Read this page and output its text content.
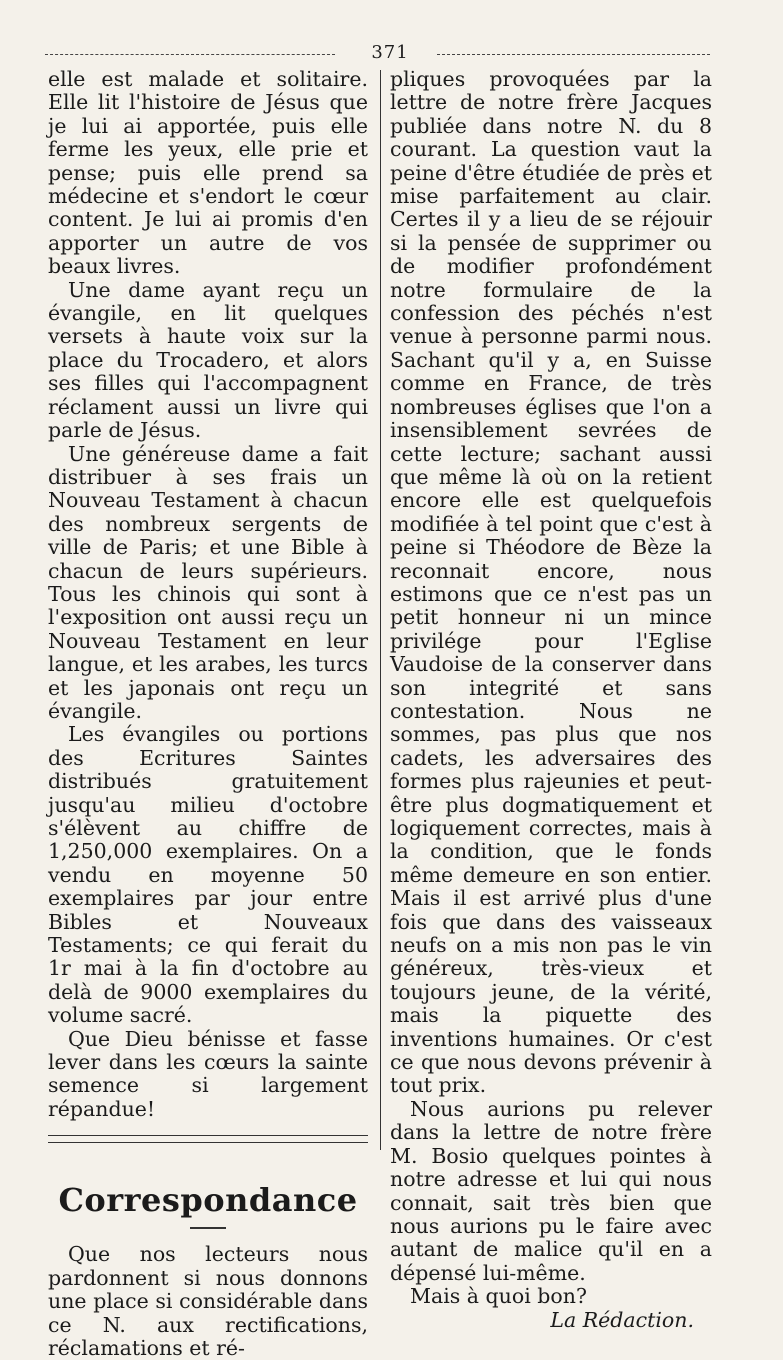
371

elle est malade et solitaire. Elle lit l'histoire de Jésus que je lui ai apportée, puis elle ferme les yeux, elle prie et pense; puis elle prend sa médecine et s'endort le cœur content. Je lui ai promis d'en apporter un autre de vos beaux livres.

Une dame ayant reçu un évangile, en lit quelques versets à haute voix sur la place du Trocadero, et alors ses filles qui l'accompagnent réclament aussi un livre qui parle de Jésus.

Une généreuse dame a fait distribuer à ses frais un Nouveau Testament à chacun des nombreux sergents de ville de Paris; et une Bible à chacun de leurs supérieurs. Tous les chinois qui sont à l'exposition ont aussi reçu un Nouveau Testament en leur langue, et les arabes, les turcs et les japonais ont reçu un évangile.

Les évangiles ou portions des Ecritures Saintes distribués gratuitement jusqu'au milieu d'octobre s'élèvent au chiffre de 1,250,000 exemplaires. On a vendu en moyenne 50 exemplaires par jour entre Bibles et Nouveaux Testaments; ce qui ferait du 1r mai à la fin d'octobre au delà de 9000 exemplaires du volume sacré.

Que Dieu bénisse et fasse lever dans les cœurs la sainte semence si largement répandue!

Correspondance

Que nos lecteurs nous pardonnent si nous donnons une place si considérable dans ce N. aux rectifications, réclamations et ré-

pliques provoquées par la lettre de notre frère Jacques publiée dans notre N. du 8 courant. La question vaut la peine d'être étudiée de près et mise parfaitement au clair. Certes il y a lieu de se réjouir si la pensée de supprimer ou de modifier profondément notre formulaire de la confession des péchés n'est venue à personne parmi nous. Sachant qu'il y a, en Suisse comme en France, de très nombreuses églises que l'on a insensiblement sevrées de cette lecture; sachant aussi que même là où on la retient encore elle est quelquefois modifiée à tel point que c'est à peine si Théodore de Bèze la reconnait encore, nous estimons que ce n'est pas un petit honneur ni un mince privilége pour l'Eglise Vaudoise de la conserver dans son integrité et sans contestation. Nous ne sommes, pas plus que nos cadets, les adversaires des formes plus rajeunies et peut-être plus dogmatiquement et logiquement correctes, mais à la condition, que le fonds même demeure en son entier. Mais il est arrivé plus d'une fois que dans des vaisseaux neufs on a mis non pas le vin généreux, très-vieux et toujours jeune, de la vérité, mais la piquette des inventions humaines. Or c'est ce que nous devons prévenir à tout prix.

Nous aurions pu relever dans la lettre de notre frère M. Bosio quelques pointes à notre adresse et lui qui nous connait, sait très bien que nous aurions pu le faire avec autant de malice qu'il en a dépensé lui-même.

Mais à quoi bon?

La Rédaction.
